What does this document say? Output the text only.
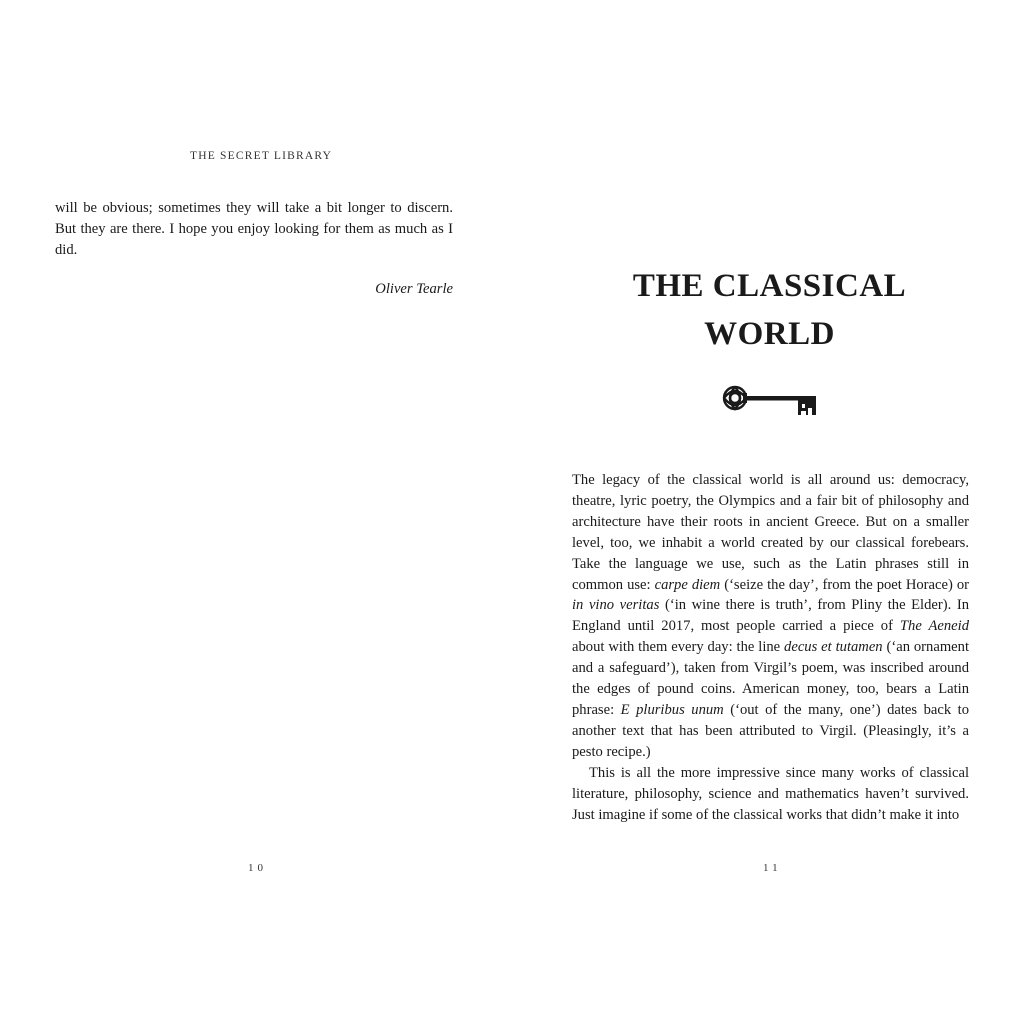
THE SECRET LIBRARY

will be obvious; sometimes they will take a bit longer to discern. But they are there. I hope you enjoy looking for them as much as I did.

Oliver Tearle
10
THE CLASSICAL
WORLD

The legacy of the classical world is all around us: democracy, theatre, lyric poetry, the Olympics and a fair bit of philosophy and architecture have their roots in ancient Greece. But on a smaller level, too, we inhabit a world created by our classical forebears. Take the language we use, such as the Latin phrases still in common use: carpe diem (‘seize the day’, from the poet Horace) or in vino veritas (‘in wine there is truth’, from Pliny the Elder). In England until 2017, most people carried a piece of The Aeneid about with them every day: the line decus et tutamen (‘an ornament and a safeguard’), taken from Virgil’s poem, was inscribed around the edges of pound coins. American money, too, bears a Latin phrase: E pluribus unum (‘out of the many, one’) dates back to another text that has been attributed to Virgil. (Pleasingly, it’s a pesto recipe.)

This is all the more impressive since many works of classical literature, philosophy, science and mathematics haven’t survived. Just imagine if some of the classical works that didn’t make it into

11
